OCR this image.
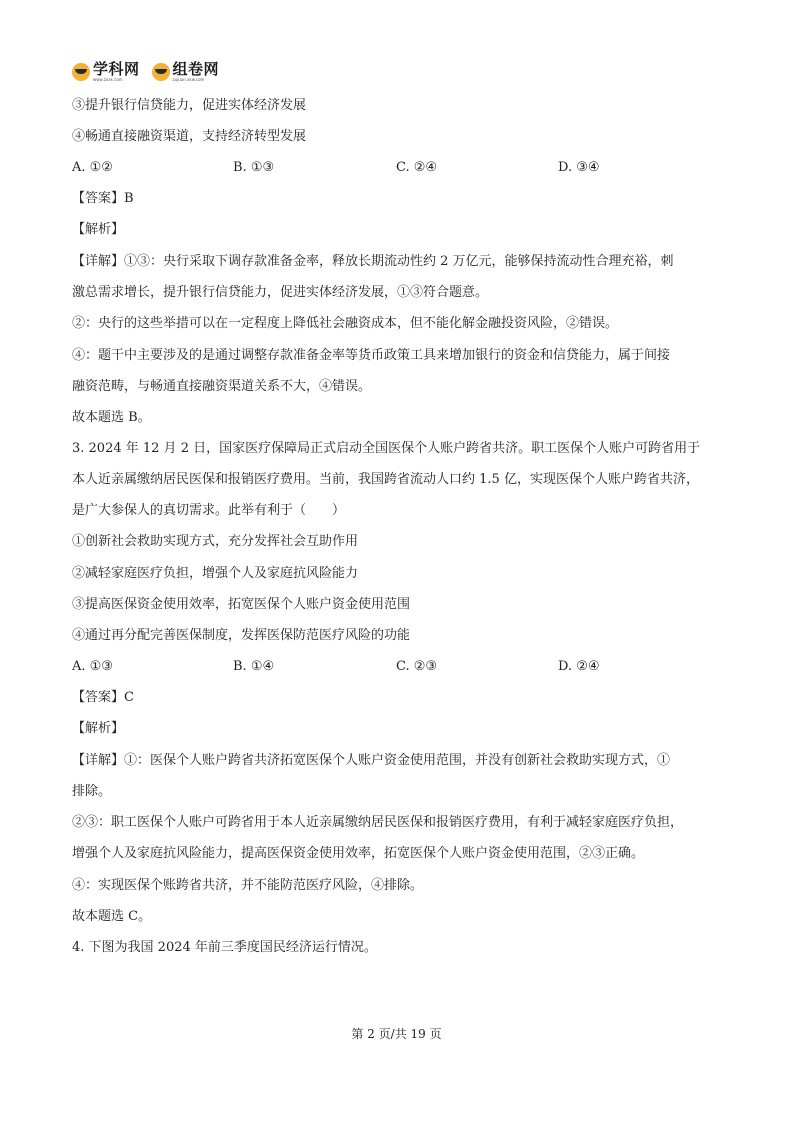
学科网
www.zxxk.com
组卷网
zujuan.xkw.com
③提升银行信贷能力，促进实体经济发展
④畅通直接融资渠道，支持经济转型发展
A. ①②	B. ①③	C. ②④	D. ③④
【答案】B
【解析】
【详解】①③：央行采取下调存款准备金率，释放长期流动性约 2 万亿元，能够保持流动性合理充裕，刺
激总需求增长，提升银行信贷能力，促进实体经济发展，①③符合题意。
②：央行的这些举措可以在一定程度上降低社会融资成本，但不能化解金融投资风险，②错误。
④：题干中主要涉及的是通过调整存款准备金率等货币政策工具来增加银行的资金和信贷能力，属于间接
融资范畴，与畅通直接融资渠道关系不大，④错误。
故本题选 B。
3. 2024 年 12 月 2 日，国家医疗保障局正式启动全国医保个人账户跨省共济。职工医保个人账户可跨省用于
本人近亲属缴纳居民医保和报销医疗费用。当前，我国跨省流动人口约 1.5 亿，实现医保个人账户跨省共济，
是广大参保人的真切需求。此举有利于（　　）
①创新社会救助实现方式，充分发挥社会互助作用
②减轻家庭医疗负担，增强个人及家庭抗风险能力
③提高医保资金使用效率，拓宽医保个人账户资金使用范围
④通过再分配完善医保制度，发挥医保防范医疗风险的功能
A. ①③	B. ①④	C. ②③	D. ②④
【答案】C
【解析】
【详解】①：医保个人账户跨省共济拓宽医保个人账户资金使用范围，并没有创新社会救助实现方式，①
排除。
②③：职工医保个人账户可跨省用于本人近亲属缴纳居民医保和报销医疗费用，有利于减轻家庭医疗负担，
增强个人及家庭抗风险能力，提高医保资金使用效率，拓宽医保个人账户资金使用范围，②③正确。
④：实现医保个账跨省共济，并不能防范医疗风险，④排除。
故本题选 C。
4. 下图为我国 2024 年前三季度国民经济运行情况。
第 2 页/共 19 页
